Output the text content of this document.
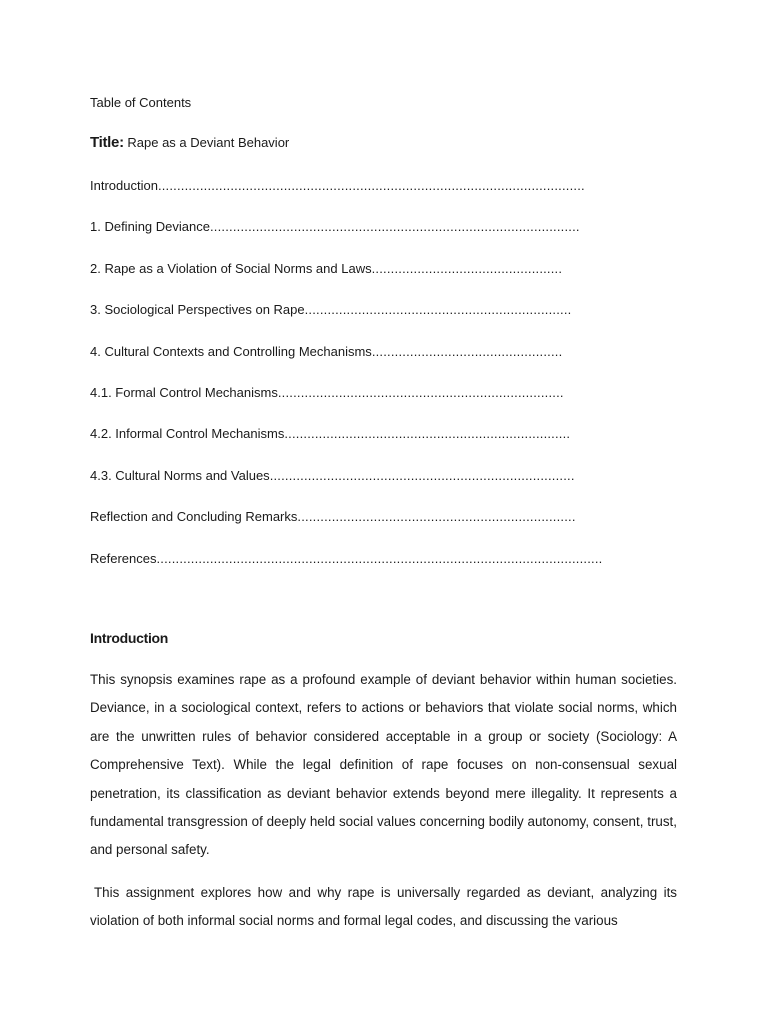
Table of Contents
Title: Rape as a Deviant Behavior
Introduction ................................................................................................................
1. Defining Deviance .................................................................................................
2. Rape as a Violation of Social Norms and Laws ..................................................
3. Sociological Perspectives on Rape ......................................................................
4. Cultural Contexts and Controlling Mechanisms ..................................................
4.1. Formal Control Mechanisms ...........................................................................
4.2. Informal Control Mechanisms ...........................................................................
4.3. Cultural Norms and Values ................................................................................
Reflection and Concluding Remarks .........................................................................
References .....................................................................................................................
Introduction

This synopsis examines rape as a profound example of deviant behavior within human societies. Deviance, in a sociological context, refers to actions or behaviors that violate social norms, which are the unwritten rules of behavior considered acceptable in a group or society (Sociology: A Comprehensive Text). While the legal definition of rape focuses on non-consensual sexual penetration, its classification as deviant behavior extends beyond mere illegality. It represents a fundamental transgression of deeply held social values concerning bodily autonomy, consent, trust, and personal safety.

This assignment explores how and why rape is universally regarded as deviant, analyzing its violation of both informal social norms and formal legal codes, and discussing the various
